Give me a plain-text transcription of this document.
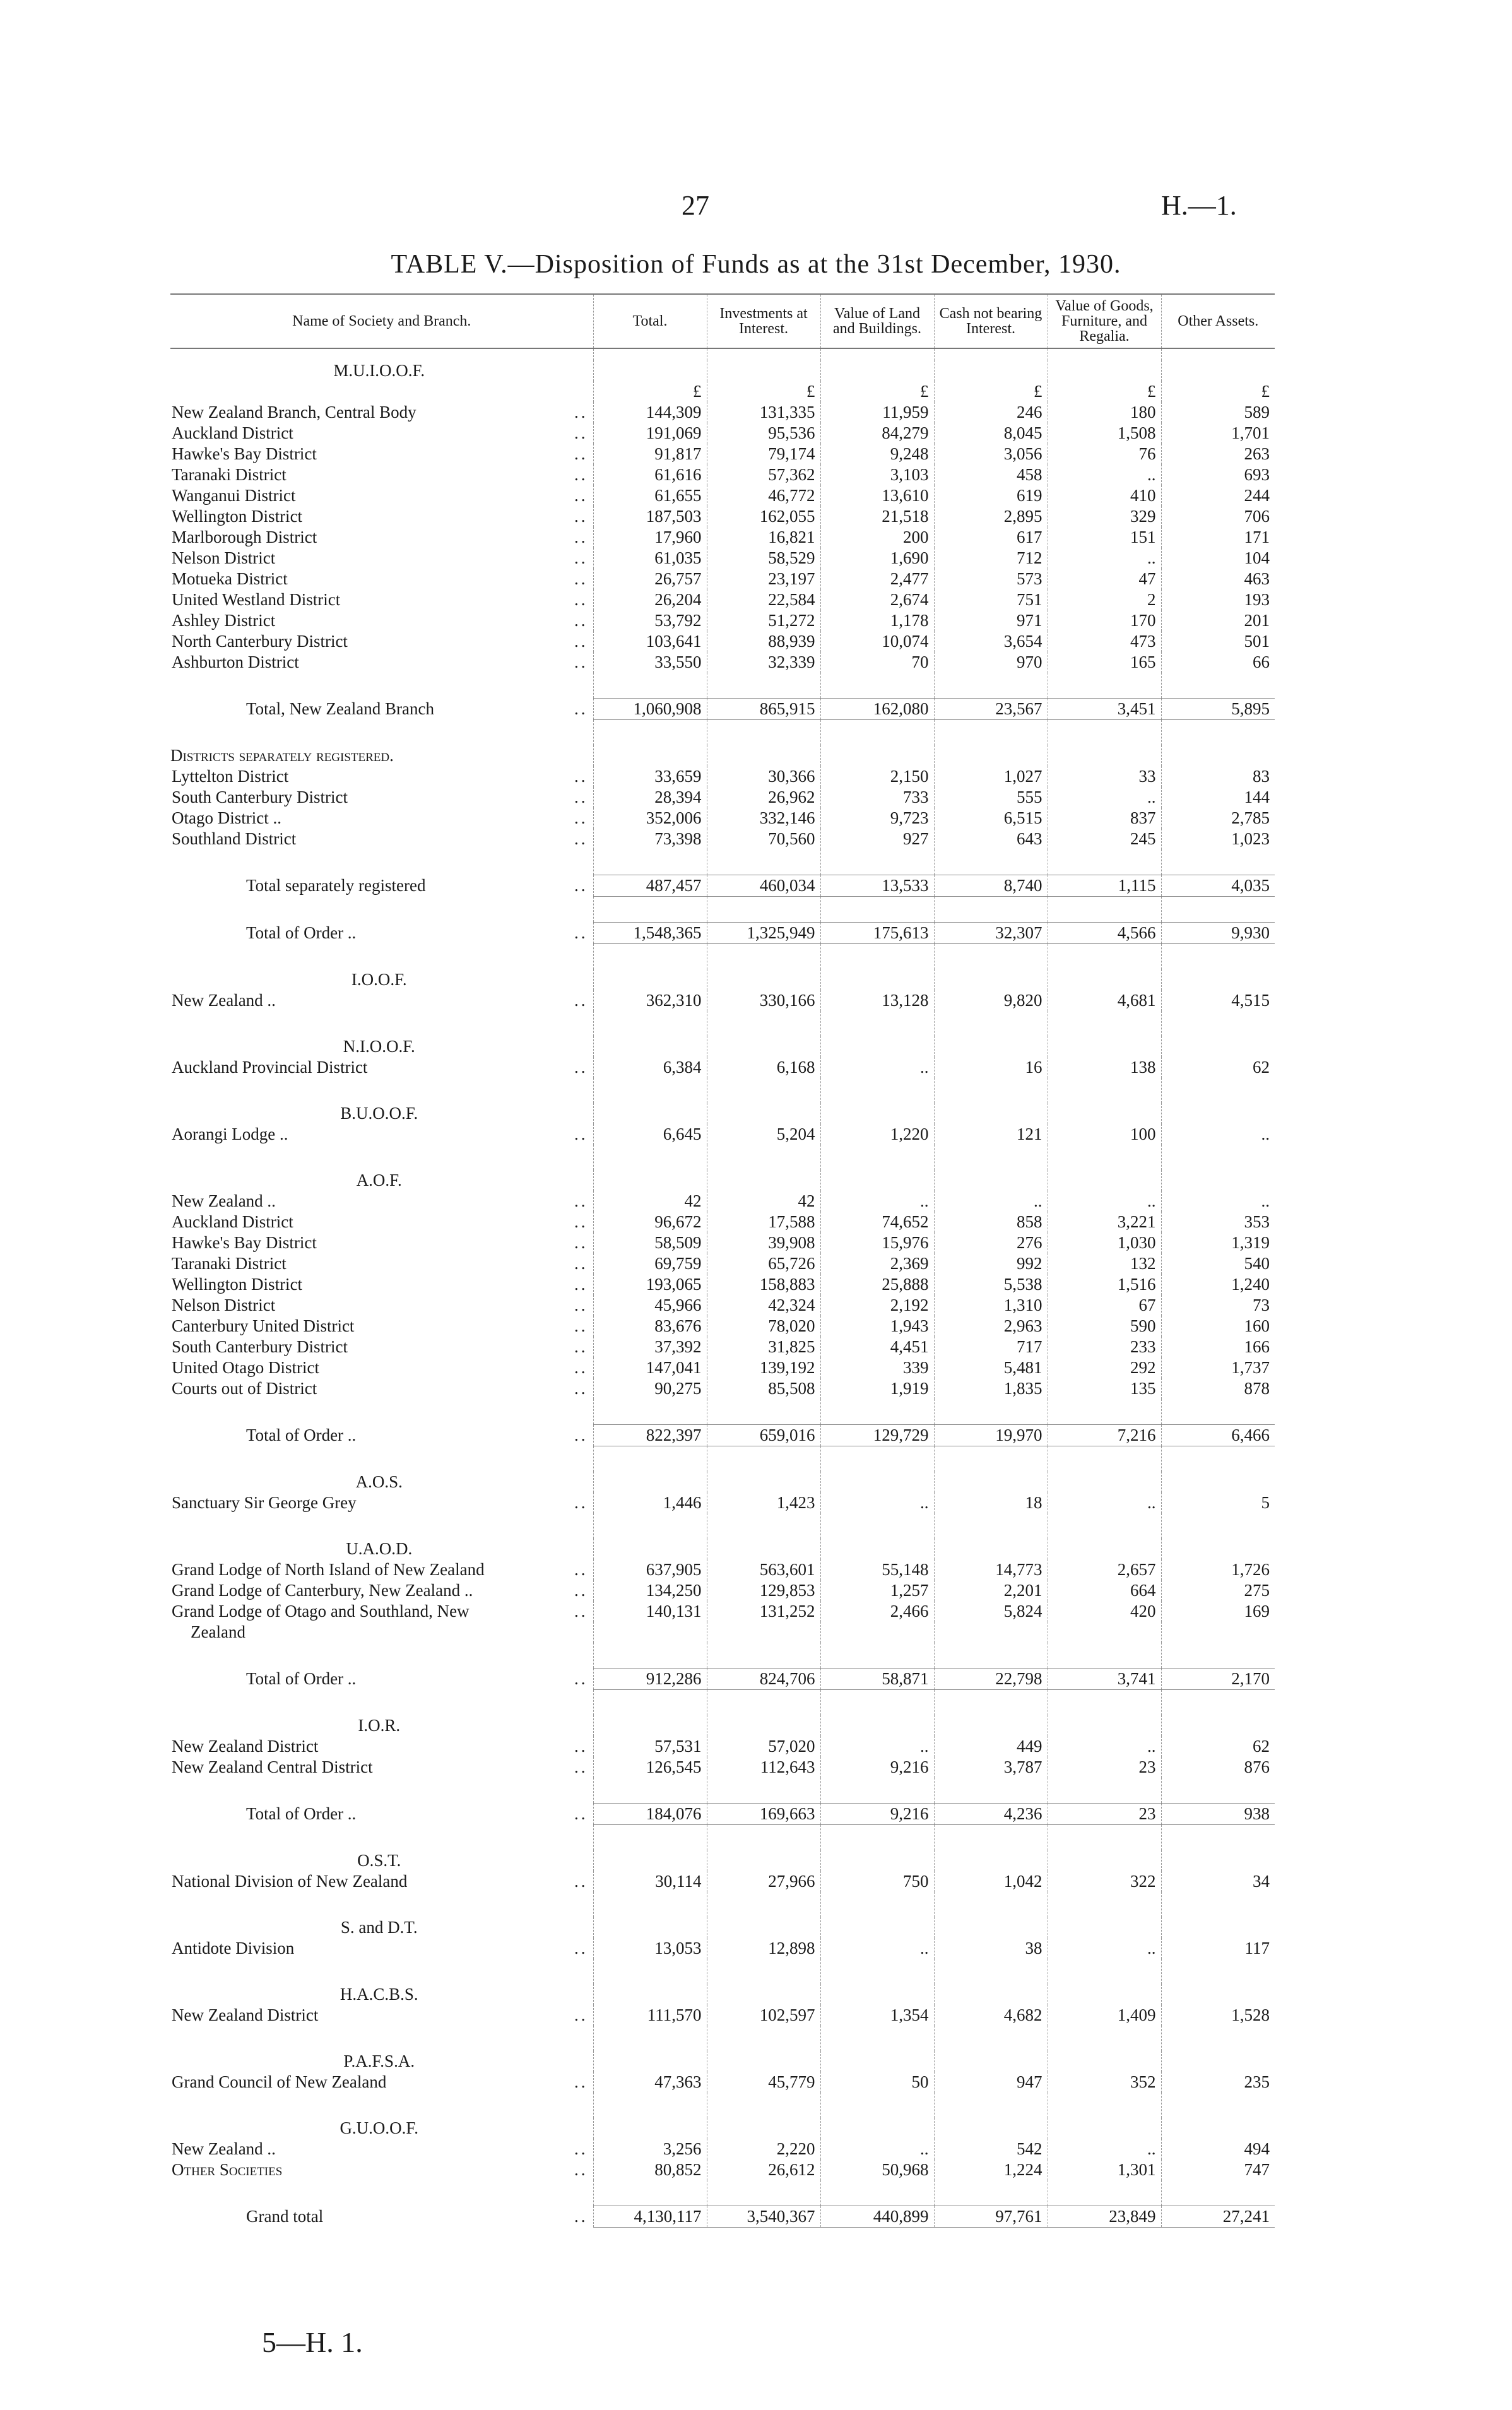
27	H.—1.
TABLE V.—Disposition of Funds as at the 31st December, 1930.
Name of Society and Branch.	Total.	Investments at Interest.	Value of Land and Buildings.	Cash not bearing Interest.	Value of Goods, Furniture, and Regalia.	Other Assets.

M.U.I.O.O.F.						
	£	£	£	£	£	£
New Zealand Branch, Central Body ..	144,309	131,335	11,959	246	180	589
Auckland District ..	191,069	95,536	84,279	8,045	1,508	1,701
Hawke's Bay District ..	91,817	79,174	9,248	3,056	76	263
Taranaki District ..	61,616	57,362	3,103	458	..	693
Wanganui District ..	61,655	46,772	13,610	619	410	244
Wellington District ..	187,503	162,055	21,518	2,895	329	706
Marlborough District ..	17,960	16,821	200	617	151	171
Nelson District ..	61,035	58,529	1,690	712	..	104
Motueka District ..	26,757	23,197	2,477	573	47	463
United Westland District ..	26,204	22,584	2,674	751	2	193
Ashley District ..	53,792	51,272	1,178	971	170	201
North Canterbury District ..	103,641	88,939	10,074	3,654	473	501
Ashburton District ..	33,550	32,339	70	970	165	66

Total, New Zealand Branch ..	1,060,908	865,915	162,080	23,567	3,451	5,895

Districts separately registered.						
Lyttelton District ..	33,659	30,366	2,150	1,027	33	83
South Canterbury District ..	28,394	26,962	733	555	..	144
Otago District .. ..	352,006	332,146	9,723	6,515	837	2,785
Southland District ..	73,398	70,560	927	643	245	1,023

Total separately registered ..	487,457	460,034	13,533	8,740	1,115	4,035

Total of Order .. ..	1,548,365	1,325,949	175,613	32,307	4,566	9,930

I.O.O.F.						
New Zealand .. ..	362,310	330,166	13,128	9,820	4,681	4,515

N.I.O.O.F.						
Auckland Provincial District ..	6,384	6,168	..	16	138	62

B.U.O.O.F.						
Aorangi Lodge .. ..	6,645	5,204	1,220	121	100	..

A.O.F.						
New Zealand .. ..	42	42	..	..	..	..
Auckland District ..	96,672	17,588	74,652	858	3,221	353
Hawke's Bay District ..	58,509	39,908	15,976	276	1,030	1,319
Taranaki District ..	69,759	65,726	2,369	992	132	540
Wellington District ..	193,065	158,883	25,888	5,538	1,516	1,240
Nelson District ..	45,966	42,324	2,192	1,310	67	73
Canterbury United District ..	83,676	78,020	1,943	2,963	590	160
South Canterbury District ..	37,392	31,825	4,451	717	233	166
United Otago District ..	147,041	139,192	339	5,481	292	1,737
Courts out of District ..	90,275	85,508	1,919	1,835	135	878

Total of Order .. ..	822,397	659,016	129,729	19,970	7,216	6,466

A.O.S.						
Sanctuary Sir George Grey ..	1,446	1,423	..	18	..	5

U.A.O.D.						
Grand Lodge of North Island of New Zealand ..	637,905	563,601	55,148	14,773	2,657	1,726
Grand Lodge of Canterbury, New Zealand .. ..	134,250	129,853	1,257	2,201	664	275
Grand Lodge of Otago and Southland, New ..	140,131	131,252	2,466	5,824	420	169
Zealand						

Total of Order .. ..	912,286	824,706	58,871	22,798	3,741	2,170

I.O.R.						
New Zealand District ..	57,531	57,020	..	449	..	62
New Zealand Central District ..	126,545	112,643	9,216	3,787	23	876

Total of Order .. ..	184,076	169,663	9,216	4,236	23	938

O.S.T.						
National Division of New Zealand ..	30,114	27,966	750	1,042	322	34

S. and D.T.						
Antidote Division ..	13,053	12,898	..	38	..	117

H.A.C.B.S.						
New Zealand District ..	111,570	102,597	1,354	4,682	1,409	1,528

P.A.F.S.A.						
Grand Council of New Zealand ..	47,363	45,779	50	947	352	235

G.U.O.O.F.						
New Zealand .. ..	3,256	2,220	..	542	..	494
Other Societies ..	80,852	26,612	50,968	1,224	1,301	747

Grand total ..	4,130,117	3,540,367	440,899	97,761	23,849	27,241
5—H. 1.
